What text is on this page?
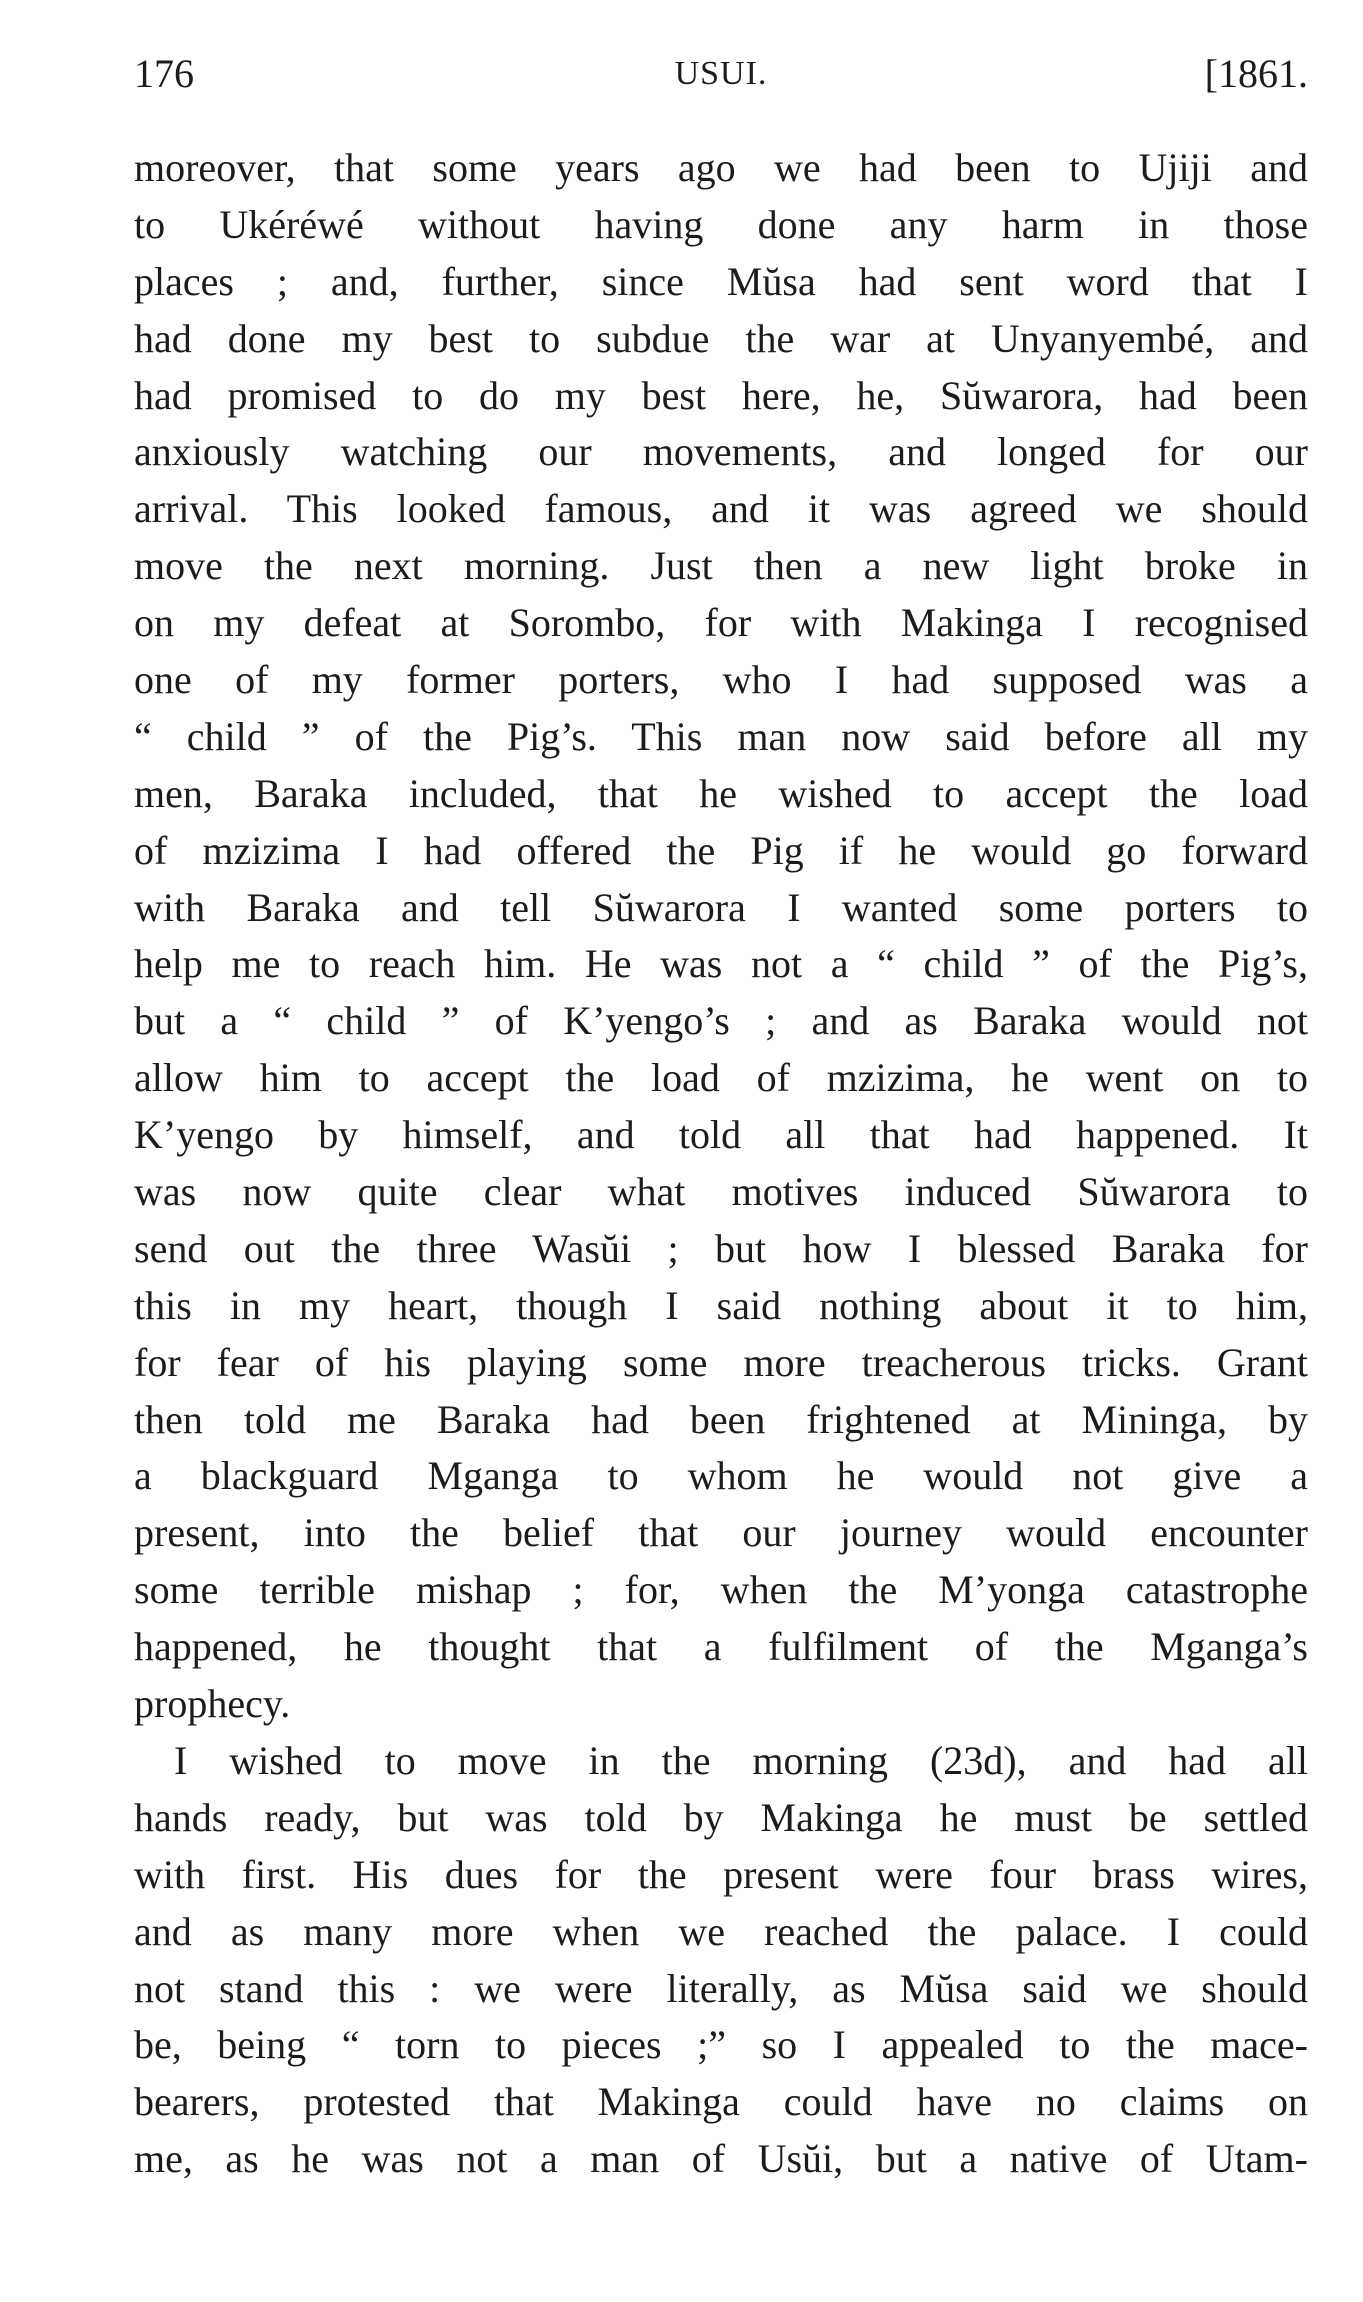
176	USUI.	[1861.
moreover, that some years ago we had been to Ujiji and
to Ukéréwé without having done any harm in those
places ; and, further, since Mŭsa had sent word that I
had done my best to subdue the war at Unyanyembé, and
had promised to do my best here, he, Sŭwarora, had been
anxiously watching our movements, and longed for our
arrival. This looked famous, and it was agreed we should
move the next morning. Just then a new light broke in
on my defeat at Sorombo, for with Makinga I recognised
one of my former porters, who I had supposed was a
“ child ” of the Pig’s. This man now said before all my
men, Baraka included, that he wished to accept the load
of mzizima I had offered the Pig if he would go forward
with Baraka and tell Sŭwarora I wanted some porters to
help me to reach him. He was not a “ child ” of the Pig’s,
but a “ child ” of K’yengo’s ; and as Baraka would not
allow him to accept the load of mzizima, he went on to
K’yengo by himself, and told all that had happened. It
was now quite clear what motives induced Sŭwarora to
send out the three Wasŭi ; but how I blessed Baraka for
this in my heart, though I said nothing about it to him,
for fear of his playing some more treacherous tricks. Grant
then told me Baraka had been frightened at Mininga, by
a blackguard Mganga to whom he would not give a
present, into the belief that our journey would encounter
some terrible mishap ; for, when the M’yonga catastrophe
happened, he thought that a fulfilment of the Mganga’s
prophecy.
I wished to move in the morning (23d), and had all
hands ready, but was told by Makinga he must be settled
with first. His dues for the present were four brass wires,
and as many more when we reached the palace. I could
not stand this : we were literally, as Mŭsa said we should
be, being “ torn to pieces ;” so I appealed to the mace-
bearers, protested that Makinga could have no claims on
me, as he was not a man of Usŭi, but a native of Utam-
